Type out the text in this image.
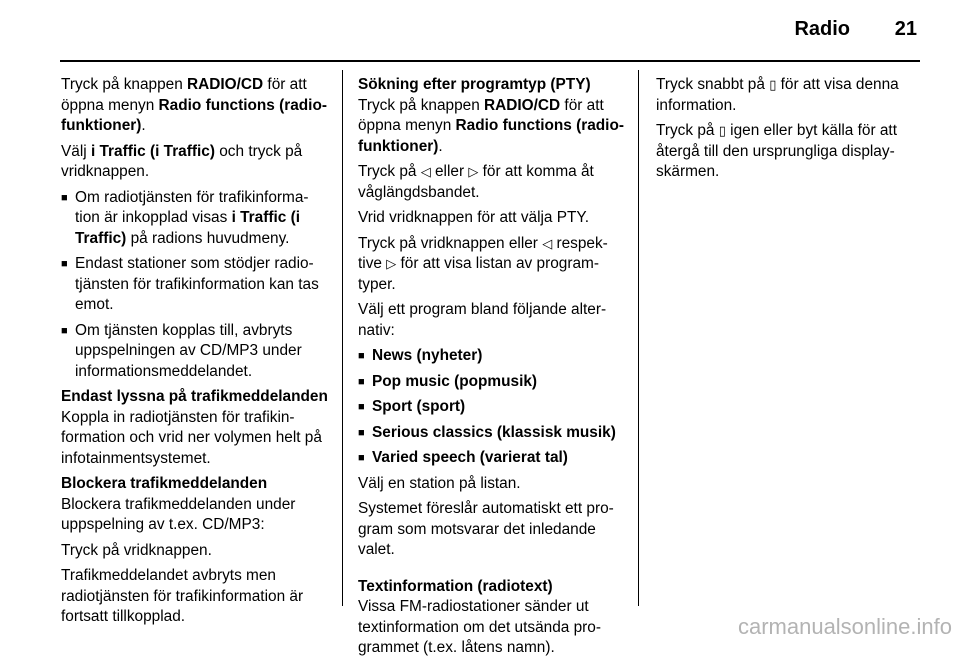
Radio 21

Tryck på knappen RADIO/CD för att öppna menyn Radio functions (radio-funktioner).

Välj i Traffic (i Traffic) och tryck på vridknappen.

■ Om radiotjänsten för trafikinforma-tion är inkopplad visas i Traffic (i Traffic) på radions huvudmeny.
■ Endast stationer som stödjer radio-tjänsten för trafikinformation kan tas emot.
■ Om tjänsten kopplas till, avbryts uppspelningen av CD/MP3 under informationsmeddelandet.

Endast lyssna på trafikmeddelanden

Koppla in radiotjänsten för trafikin-formation och vrid ner volymen helt på infotainmentsystemet.

Blockera trafikmeddelanden

Blockera trafikmeddelanden under uppspelning av t.ex. CD/MP3:

Tryck på vridknappen.

Trafikmeddelandet avbryts men radiotjänsten för trafikinformation är fortsatt tillkopplad.

Sökning efter programtyp (PTY)

Tryck på knappen RADIO/CD för att öppna menyn Radio functions (radio-funktioner).

Tryck på ◁ eller ▷ för att komma åt våglängdsbandet.

Vrid vridknappen för att välja PTY.

Tryck på vridknappen eller ◁ respek-tive ▷ för att visa listan av program-typer.

Välj ett program bland följande alter-nativ:

■ News (nyheter)
■ Pop music (popmusik)
■ Sport (sport)
■ Serious classics (klassisk musik)
■ Varied speech (varierat tal)

Välj en station på listan.

Systemet föreslår automatiskt ett pro-gram som motsvarar det inledande valet.

Textinformation (radiotext)

Vissa FM-radiostationer sänder ut textinformation om det utsända pro-grammet (t.ex. låtens namn).

Tryck snabbt på ▯ för att visa denna information.

Tryck på ▯ igen eller byt källa för att återgå till den ursprungliga display-skärmen.

carmanualsonline.info
